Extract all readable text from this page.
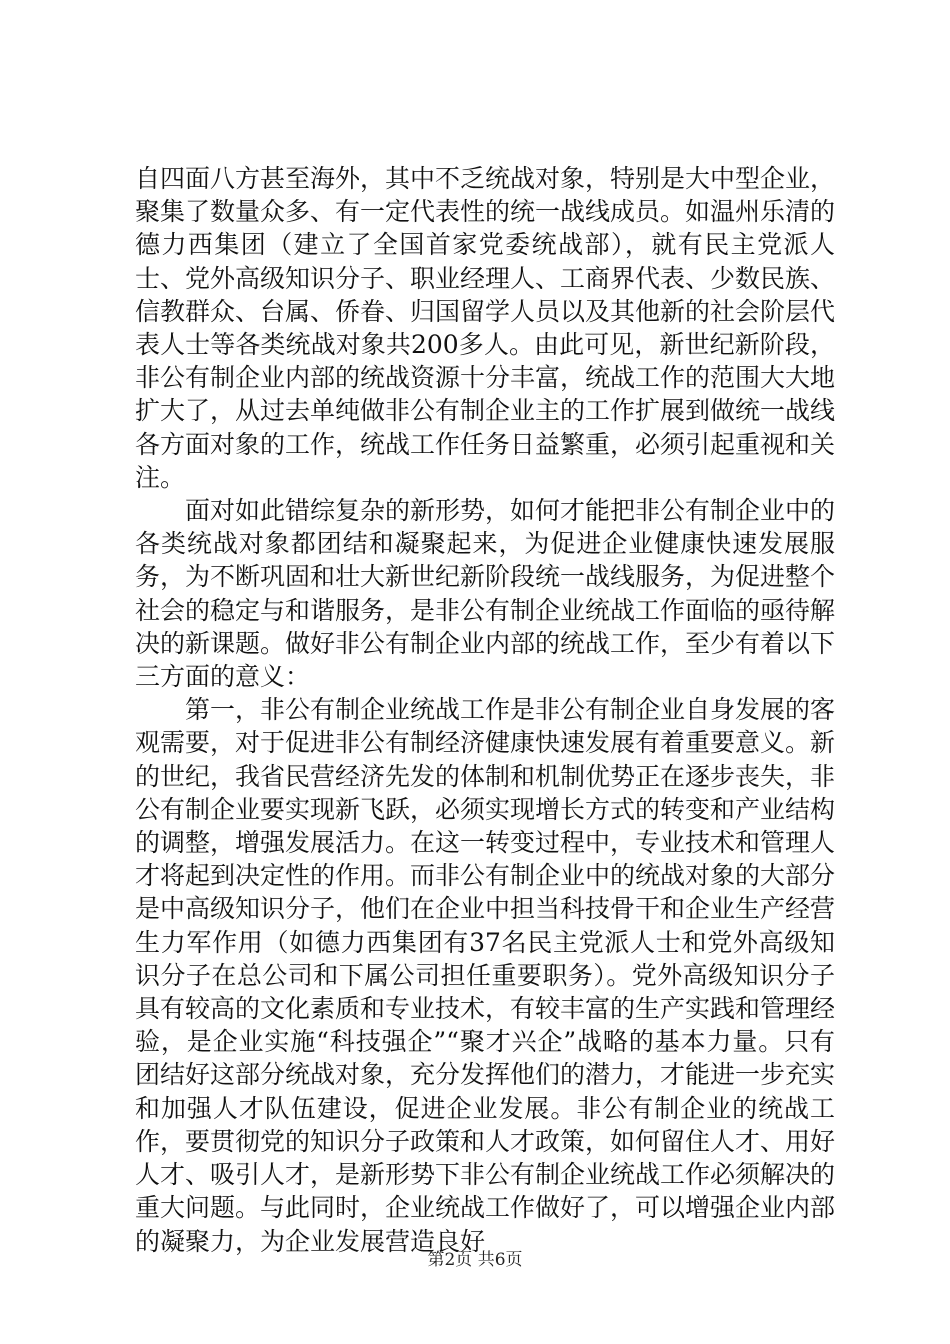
自四面八方甚至海外，其中不乏统战对象，特别是大中型企业，聚集了数量众多、有一定代表性的统一战线成员。如温州乐清的德力西集团（建立了全国首家党委统战部），就有民主党派人士、党外高级知识分子、职业经理人、工商界代表、少数民族、信教群众、台属、侨眷、归国留学人员以及其他新的社会阶层代表人士等各类统战对象共200多人。由此可见，新世纪新阶段，非公有制企业内部的统战资源十分丰富，统战工作的范围大大地扩大了，从过去单纯做非公有制企业主的工作扩展到做统一战线各方面对象的工作，统战工作任务日益繁重，必须引起重视和关注。

面对如此错综复杂的新形势，如何才能把非公有制企业中的各类统战对象都团结和凝聚起来，为促进企业健康快速发展服务，为不断巩固和壮大新世纪新阶段统一战线服务，为促进整个社会的稳定与和谐服务，是非公有制企业统战工作面临的亟待解决的新课题。做好非公有制企业内部的统战工作，至少有着以下三方面的意义：

第一，非公有制企业统战工作是非公有制企业自身发展的客观需要，对于促进非公有制经济健康快速发展有着重要意义。新的世纪，我省民营经济先发的体制和机制优势正在逐步丧失，非公有制企业要实现新飞跃，必须实现增长方式的转变和产业结构的调整，增强发展活力。在这一转变过程中，专业技术和管理人才将起到决定性的作用。而非公有制企业中的统战对象的大部分是中高级知识分子，他们在企业中担当科技骨干和企业生产经营生力军作用（如德力西集团有37名民主党派人士和党外高级知识分子在总公司和下属公司担任重要职务）。党外高级知识分子具有较高的文化素质和专业技术，有较丰富的生产实践和管理经验，是企业实施“科技强企”“聚才兴企”战略的基本力量。只有团结好这部分统战对象，充分发挥他们的潜力，才能进一步充实和加强人才队伍建设，促进企业发展。非公有制企业的统战工作，要贯彻党的知识分子政策和人才政策，如何留住人才、用好人才、吸引人才，是新形势下非公有制企业统战工作必须解决的重大问题。与此同时，企业统战工作做好了，可以增强企业内部的凝聚力，为企业发展营造良好

第2页 共6页
